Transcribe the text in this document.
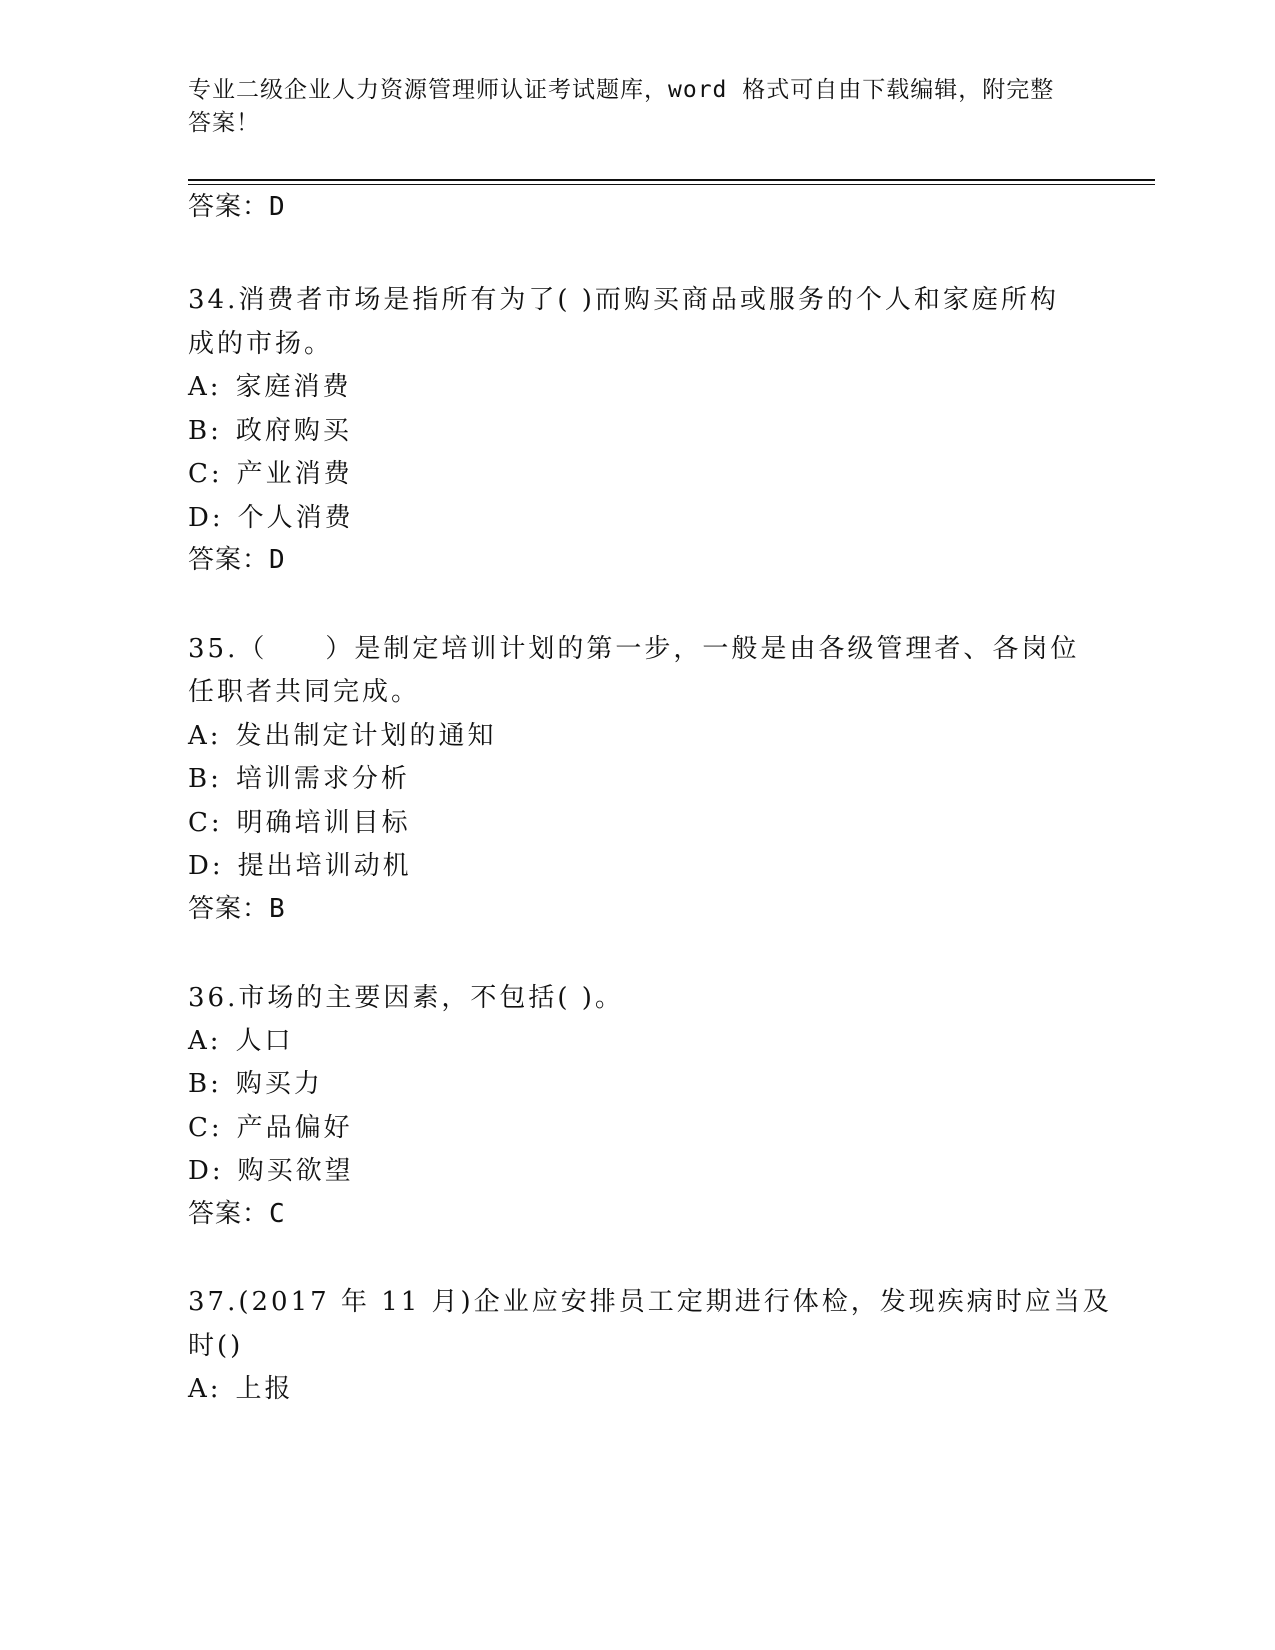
专业二级企业人力资源管理师认证考试题库，word 格式可自由下载编辑，附完整
答案！
答案：D
34.消费者市场是指所有为了( )而购买商品或服务的个人和家庭所构
成的市扬。
A: 家庭消费
B: 政府购买
C: 产业消费
D: 个人消费
答案：D
35.（　　）是制定培训计划的第一步，一般是由各级管理者、各岗位
任职者共同完成。
A: 发出制定计划的通知
B: 培训需求分析
C: 明确培训目标
D: 提出培训动机
答案：B
36.市场的主要因素，不包括( )。
A: 人口
B: 购买力
C: 产品偏好
D: 购买欲望
答案：C
37.(2017 年 11 月)企业应安排员工定期进行体检，发现疾病时应当及
时()
A: 上报
